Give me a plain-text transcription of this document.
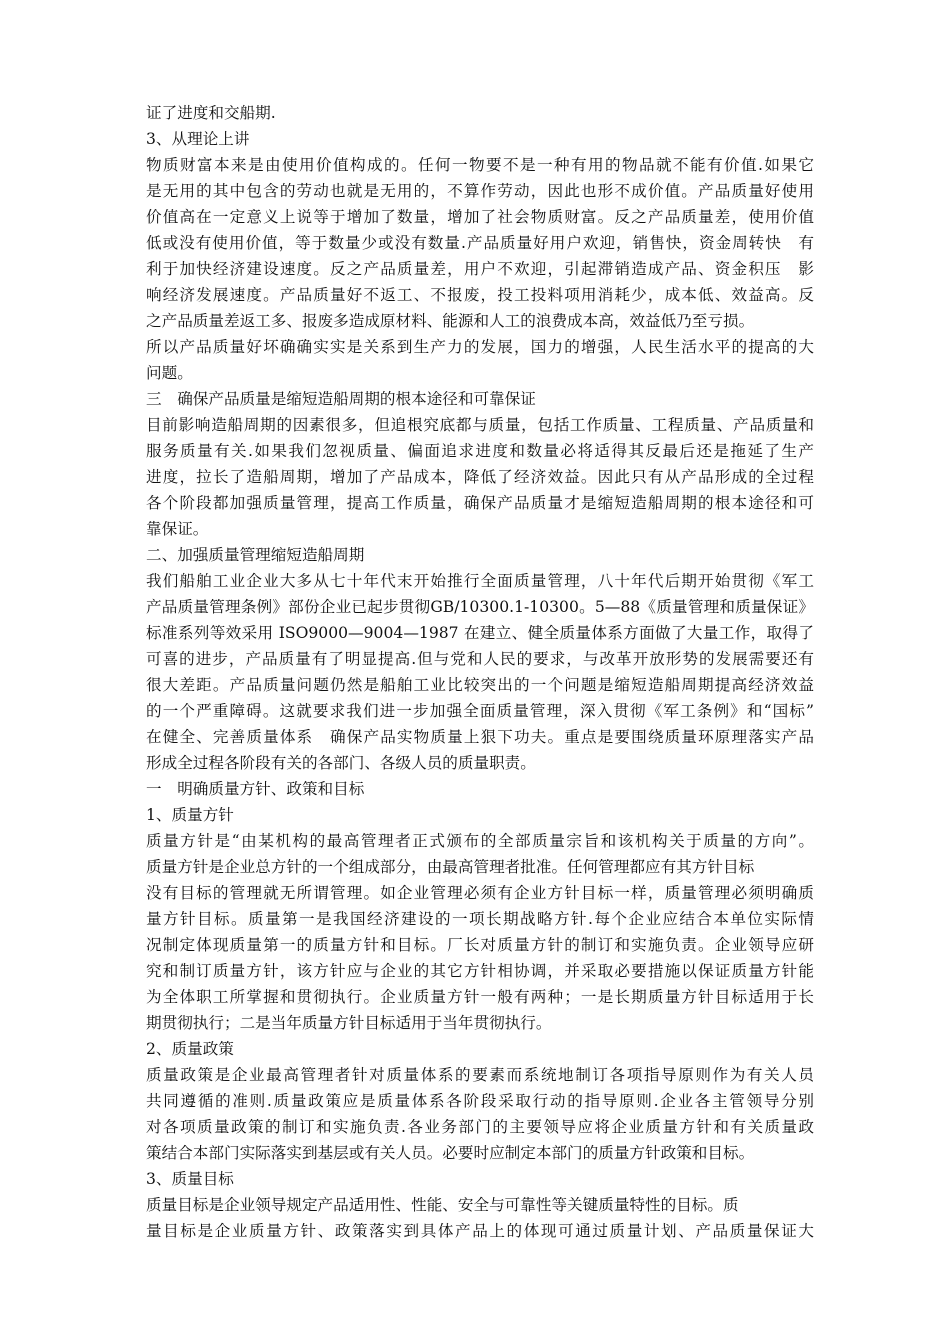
证了进度和交船期.
3、从理论上讲
物质财富本来是由使用价值构成的。任何一物要不是一种有用的物品就不能有价值.如果它
是无用的其中包含的劳动也就是无用的，不算作劳动，因此也形不成价值。产品质量好使用
价值高在一定意义上说等于增加了数量，增加了社会物质财富。反之产品质量差，使用价值
低或没有使用价值，等于数量少或没有数量.产品质量好用户欢迎，销售快，资金周转快　有
利于加快经济建设速度。反之产品质量差，用户不欢迎，引起滞销造成产品、资金积压　影
响经济发展速度。产品质量好不返工、不报废，投工投料项用消耗少，成本低、效益高。反
之产品质量差返工多、报废多造成原材料、能源和人工的浪费成本高，效益低乃至亏损。
所以产品质量好坏确确实实是关系到生产力的发展，国力的增强，人民生活水平的提高的大
问题。
三　确保产品质量是缩短造船周期的根本途径和可靠保证
目前影响造船周期的因素很多，但追根究底都与质量，包括工作质量、工程质量、产品质量和
服务质量有关.如果我们忽视质量、偏面追求进度和数量必将适得其反最后还是拖延了生产
进度，拉长了造船周期，增加了产品成本，降低了经济效益。因此只有从产品形成的全过程
各个阶段都加强质量管理，提高工作质量，确保产品质量才是缩短造船周期的根本途径和可
靠保证。
二、加强质量管理缩短造船周期
我们船舶工业企业大多从七十年代末开始推行全面质量管理，八十年代后期开始贯彻《军工
产品质量管理条例》部份企业已起步贯彻GB/10300.1-10300。5—88《质量管理和质量保证》
标准系列等效采用 ISO9000—9004—1987 在建立、健全质量体系方面做了大量工作，取得了
可喜的进步，产品质量有了明显提高.但与党和人民的要求，与改革开放形势的发展需要还有
很大差距。产品质量问题仍然是船舶工业比较突出的一个问题是缩短造船周期提高经济效益
的一个严重障碍。这就要求我们进一步加强全面质量管理，深入贯彻《军工条例》和“国标”
在健全、完善质量体系　确保产品实物质量上狠下功夫。重点是要围绕质量环原理落实产品
形成全过程各阶段有关的各部门、各级人员的质量职责。
一　明确质量方针、政策和目标
1、质量方针
质量方针是“由某机构的最高管理者正式颁布的全部质量宗旨和该机构关于质量的方向”。
质量方针是企业总方针的一个组成部分，由最高管理者批准。任何管理都应有其方针目标
没有目标的管理就无所谓管理。如企业管理必须有企业方针目标一样，质量管理必须明确质
量方针目标。质量第一是我国经济建设的一项长期战略方针.每个企业应结合本单位实际情
况制定体现质量第一的质量方针和目标。厂长对质量方针的制订和实施负责。企业领导应研
究和制订质量方针，该方针应与企业的其它方针相协调，并采取必要措施以保证质量方针能
为全体职工所掌握和贯彻执行。企业质量方针一般有两种；一是长期质量方针目标适用于长
期贯彻执行；二是当年质量方针目标适用于当年贯彻执行。
2、质量政策
质量政策是企业最高管理者针对质量体系的要素而系统地制订各项指导原则作为有关人员
共同遵循的准则.质量政策应是质量体系各阶段采取行动的指导原则.企业各主管领导分别
对各项质量政策的制订和实施负责.各业务部门的主要领导应将企业质量方针和有关质量政
策结合本部门实际落实到基层或有关人员。必要时应制定本部门的质量方针政策和目标。
3、质量目标
质量目标是企业领导规定产品适用性、性能、安全与可靠性等关键质量特性的目标。质
量目标是企业质量方针、政策落实到具体产品上的体现可通过质量计划、产品质量保证大
